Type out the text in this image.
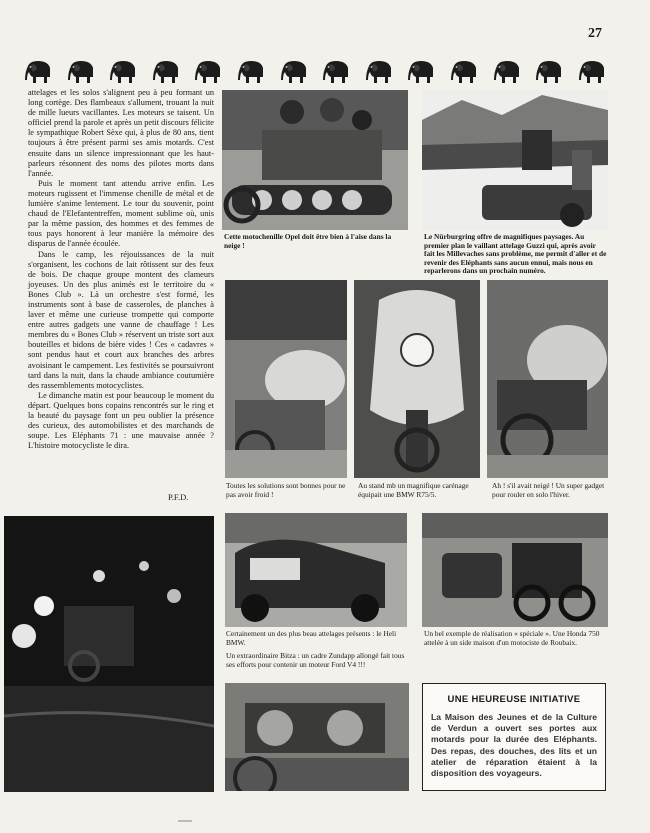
27

attelages et les solos s'alignent peu à peu formant un long cortège. Des flambeaux s'allument, trouant la nuit de mille lueurs vacillantes. Les moteurs se taisent. Un officiel prend la parole et après un petit discours félicite le sympathique Robert Sèxe qui, à plus de 80 ans, tient toujours à être présent parmi ses amis motards. C'est ensuite dans un silence impressionnant que les haut-parleurs résonnent des noms des pilotes morts dans l'année.

Puis le moment tant attendu arrive enfin. Les moteurs rugissent et l'immense chenille de métal et de lumière s'anime lentement. Le tour du souvenir, point chaud de l'Elefantentreffen, moment sublime où, unis par la même passion, des hommes et des femmes de tous pays honorent à leur manière la mémoire des disparus de l'année écoulée.

Dans le camp, les réjouissances de la nuit s'organisent, les cochons de lait rôtissent sur des feux de bois. De chaque groupe montent des clameurs joyeuses. Un des plus animés est le territoire du « Bones Club ». Là un orchestre s'est formé, les instruments sont à base de casseroles, de planches à laver et même une curieuse trompette qui comporte entre autres gadgets une vanne de chauffage ! Les membres du « Bones Club » réservent un triste sort aux bouteilles et bidons de bière vides ! Ces « cadavres » sont pendus haut et court aux branches des arbres avoisinant le campement. Les festivités se poursuivront tard dans la nuit, dans la chaude ambiance coutumière des rassemblements motocyclistes.

Le dimanche matin est pour beaucoup le moment du départ. Quelques bons copains rencontrés sur le ring et la beauté du paysage font un peu oublier la présence des curieux, des automobilistes et des marchands de soupe. Les Eléphants 71 : une mauvaise année ? L'histoire motocycliste le dira.

P.F.D.
Cette motochenille Opel doit être bien à l'aise dans la neige !
Le Nürburgring offre de magnifiques paysages. Au premier plan le vaillant attelage Guzzi qui, après avoir fait les Millevaches sans problème, me permit d'aller et de revenir des Eléphants sans aucun ennui, mais nous en reparlerons dans un prochain numéro.
Toutes les solutions sont bonnes pour ne pas avoir froid !
Au stand mb un magnifique carénage équipait une BMW R75/5.
Ah ! s'il avait neigé ! Un super gadget pour rouler en solo l'hiver.
Certainement un des plus beau attelages présents : le Heli BMW.
Un extraordinaire Bitza : un cadre Zundapp allongé fait tous ses efforts pour contenir un moteur Ford V4 !!!
Un bel exemple de réalisation « spéciale ». Une Honda 750 attelée à un side maison d'un motociste de Roubaix.
UNE HEUREUSE INITIATIVE
La Maison des Jeunes et de la Culture de Verdun a ouvert ses portes aux motards pour la durée des Eléphants. Des repas, des douches, des lits et un atelier de réparation étaient à la disposition des voyageurs.
